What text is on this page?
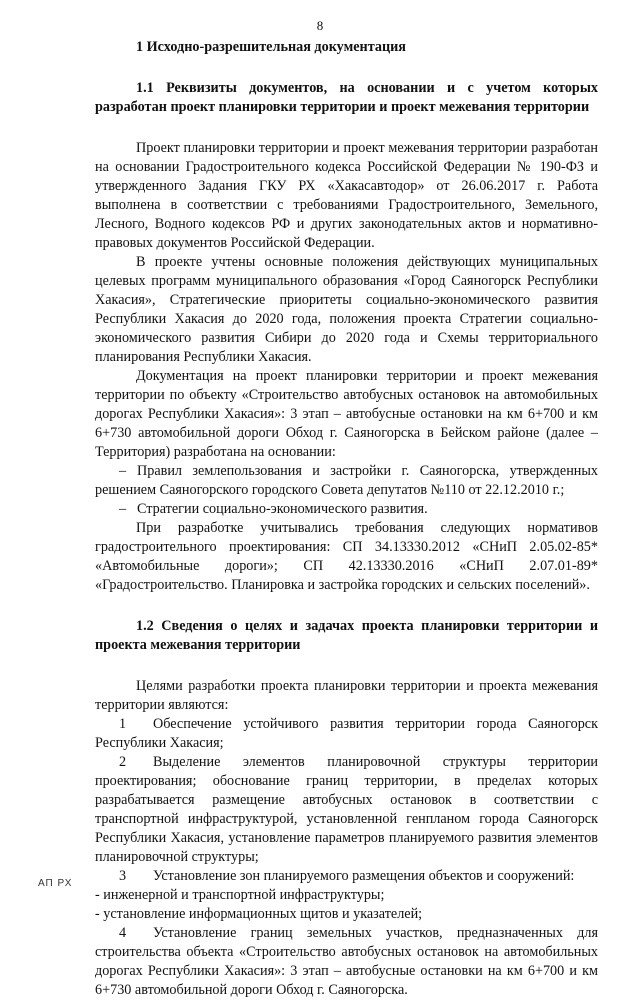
8
1 Исходно-разрешительная документация
1.1 Реквизиты документов, на основании и с учетом которых разработан проект планировки территории и проект межевания территории

Проект планировки территории и проект межевания территории разработан на основании Градостроительного кодекса Российской Федерации № 190-ФЗ и утвержденного Задания ГКУ РХ «Хакасавтодор» от 26.06.2017 г. Работа выполнена в соответствии с требованиями Градостроительного, Земельного, Лесного, Водного кодексов РФ и других законодательных актов и нормативно-правовых документов Российской Федерации.

В проекте учтены основные положения действующих муниципальных целевых программ муниципального образования «Город Саяногорск Республики Хакасия», Стратегические приоритеты социально-экономического развития Республики Хакасия до 2020 года, положения проекта Стратегии социально-экономического развития Сибири до 2020 года и Схемы территориального планирования Республики Хакасия.

Документация на проект планировки территории и проект межевания территории по объекту «Строительство автобусных остановок на автомобильных дорогах Республики Хакасия»: 3 этап – автобусные остановки на км 6+700 и км 6+730 автомобильной дороги Обход г. Саяногорска в Бейском районе (далее – Территория) разработана на основании:

– Правил землепользования и застройки г. Саяногорска, утвержденных решением Саяногорского городского Совета депутатов №110 от 22.12.2010 г.;

– Стратегии социально-экономического развития.

При разработке учитывались требования следующих нормативов градостроительного проектирования: СП 34.13330.2012 «СНиП 2.05.02-85* «Автомобильные дороги»; СП 42.13330.2016 «СНиП 2.07.01-89* «Градостроительство. Планировка и застройка городских и сельских поселений».

1.2 Сведения о целях и задачах проекта планировки территории и проекта межевания территории

Целями разработки проекта планировки территории и проекта межевания территории являются:

1 Обеспечение устойчивого развития территории города Саяногорск Республики Хакасия;

2 Выделение элементов планировочной структуры территории проектирования; обоснование границ территории, в пределах которых разрабатывается размещение автобусных остановок в соответствии с транспортной инфраструктурой, установленной генпланом города Саяногорск Республики Хакасия, установление параметров планируемого развития элементов планировочной структуры;

3 Установление зон планируемого размещения объектов и сооружений:

- инженерной и транспортной инфраструктуры;

- установление информационных щитов и указателей;

4 Установление границ земельных участков, предназначенных для строительства объекта «Строительство автобусных остановок на автомобильных дорогах Республики Хакасия»: 3 этап – автобусные остановки на км 6+700 и км 6+730 автомобильной дороги Обход г. Саяногорска.

АП РХ
